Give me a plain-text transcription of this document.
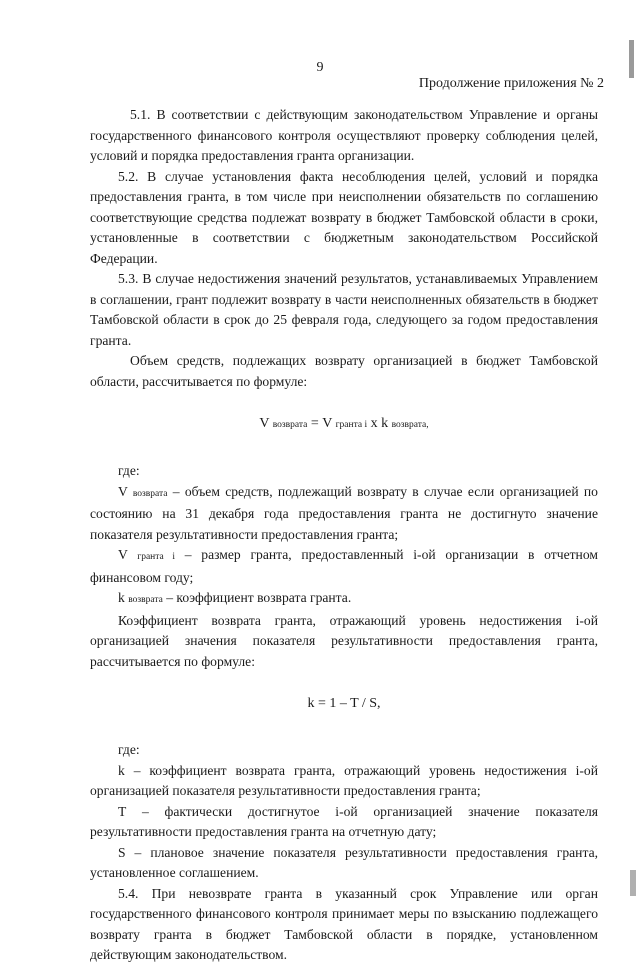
9
Продолжение приложения № 2

5.1. В соответствии с действующим законодательством Управление и органы государственного финансового контроля осуществляют проверку соблюдения целей, условий и порядка предоставления гранта организации.

5.2. В случае установления факта несоблюдения целей, условий и порядка предоставления гранта, в том числе при неисполнении обязательств по соглашению соответствующие средства подлежат возврату в бюджет Тамбовской области в сроки, установленные в соответствии с бюджетным законодательством Российской Федерации.

5.3. В случае недостижения значений результатов, устанавливаемых Управлением в соглашении, грант подлежит возврату в части неисполненных обязательств в бюджет Тамбовской области в срок до 25 февраля года, следующего за годом предоставления гранта.

Объем средств, подлежащих возврату организацией в бюджет Тамбовской области, рассчитывается по формуле:

V возврата = V гранта i x k возврата,

где:

V возврата – объем средств, подлежащий возврату в случае если организацией по состоянию на 31 декабря года предоставления гранта не достигнуто значение показателя результативности предоставления гранта;

V гранта i – размер гранта, предоставленный i-ой организации в отчетном финансовом году;

k возврата – коэффициент возврата гранта.

Коэффициент возврата гранта, отражающий уровень недостижения i-ой организацией значения показателя результативности предоставления гранта, рассчитывается по формуле:

k = 1 – T / S,

где:

k – коэффициент возврата гранта, отражающий уровень недостижения i-ой организацией показателя результативности предоставления гранта;

Т – фактически достигнутое i-ой организацией значение показателя результативности предоставления гранта на отчетную дату;

S – плановое значение показателя результативности предоставления гранта, установленное соглашением.

5.4. При невозврате гранта в указанный срок Управление или орган государственного финансового контроля принимает меры по взысканию подлежащего возврату гранта в бюджет Тамбовской области в порядке, установленном действующим законодательством.
